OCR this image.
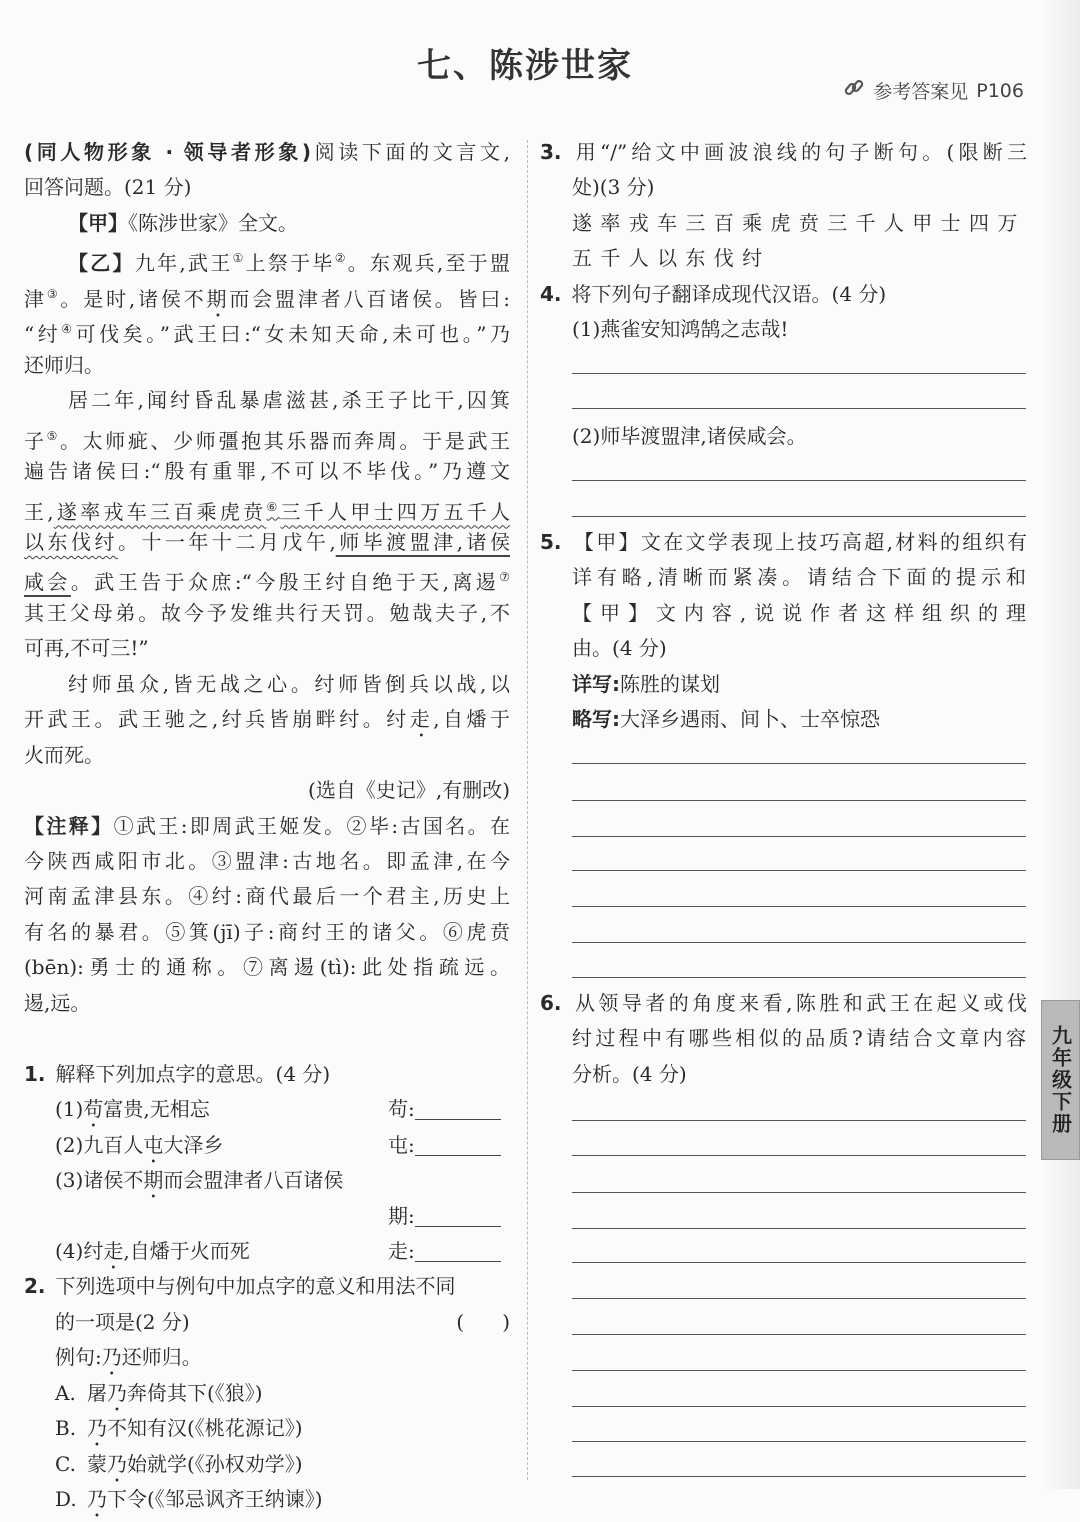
七、陈涉世家
参考答案见 P106
(同人物形象 · 领导者形象)阅读下面的文言文,
回答问题。(21 分)
【甲】《陈涉世家》全文。
【乙】九年,武王①上祭于毕②。东观兵,至于盟
津③。是时,诸侯不期而会盟津者八百诸侯。皆曰:
“纣④可伐矣。”武王曰:“女未知天命,未可也。”乃
还师归。
居二年,闻纣昏乱暴虐滋甚,杀王子比干,囚箕
子⑤。太师疵、少师彊抱其乐器而奔周。于是武王
遍告诸侯曰:“殷有重罪,不可以不毕伐。”乃遵文
王,遂率戎车三百乘虎贲⑥三千人甲士四万五千人
以东伐纣。十一年十二月戊午,师毕渡盟津,诸侯
咸会。武王告于众庶:“今殷王纣自绝于天,离逷⑦
其王父母弟。故今予发维共行天罚。勉哉夫子,不
可再,不可三!”
纣师虽众,皆无战之心。纣师皆倒兵以战,以
开武王。武王驰之,纣兵皆崩畔纣。纣走,自燔于
火而死。
(选自《史记》,有删改)
【注释】①武王:即周武王姬发。②毕:古国名。在
今陕西咸阳市北。③盟津:古地名。即孟津,在今
河南孟津县东。④纣:商代最后一个君主,历史上
有名的暴君。⑤箕(jī)子:商纣王的诸父。⑥虎贲
(bēn):勇士的通称。⑦离逷(tì):此处指疏远。
逷,远。
1. 解释下列加点字的意思。(4 分)
(1)苟富贵,无相忘	苟:
(2)九百人屯大泽乡	屯:
(3)诸侯不期而会盟津者八百诸侯
期:
(4)纣走,自燔于火而死	走:
2. 下列选项中与例句中加点字的意义和用法不同
的一项是(2 分)	(      )
例句:乃还师归。
A. 屠乃奔倚其下(《狼》)
B. 乃不知有汉(《桃花源记》)
C. 蒙乃始就学(《孙权劝学》)
D. 乃下令(《邹忌讽齐王纳谏》)
3. 用“/”给文中画波浪线的句子断句。(限断三
处)(3 分)
遂 率 戎 车 三 百 乘 虎 贲 三 千 人 甲 士 四 万
五 千 人 以 东 伐 纣
4. 将下列句子翻译成现代汉语。(4 分)
(1)燕雀安知鸿鹄之志哉!
(2)师毕渡盟津,诸侯咸会。
5. 【甲】文在文学表现上技巧高超,材料的组织有
详有略,清晰而紧凑。请结合下面的提示和
【甲】文内容,说说作者这样组织的理
由。(4 分)
详写:陈胜的谋划
略写:大泽乡遇雨、间卜、士卒惊恐
6. 从领导者的角度来看,陈胜和武王在起义或伐
纣过程中有哪些相似的品质?请结合文章内容
分析。(4 分)	九年级下册
